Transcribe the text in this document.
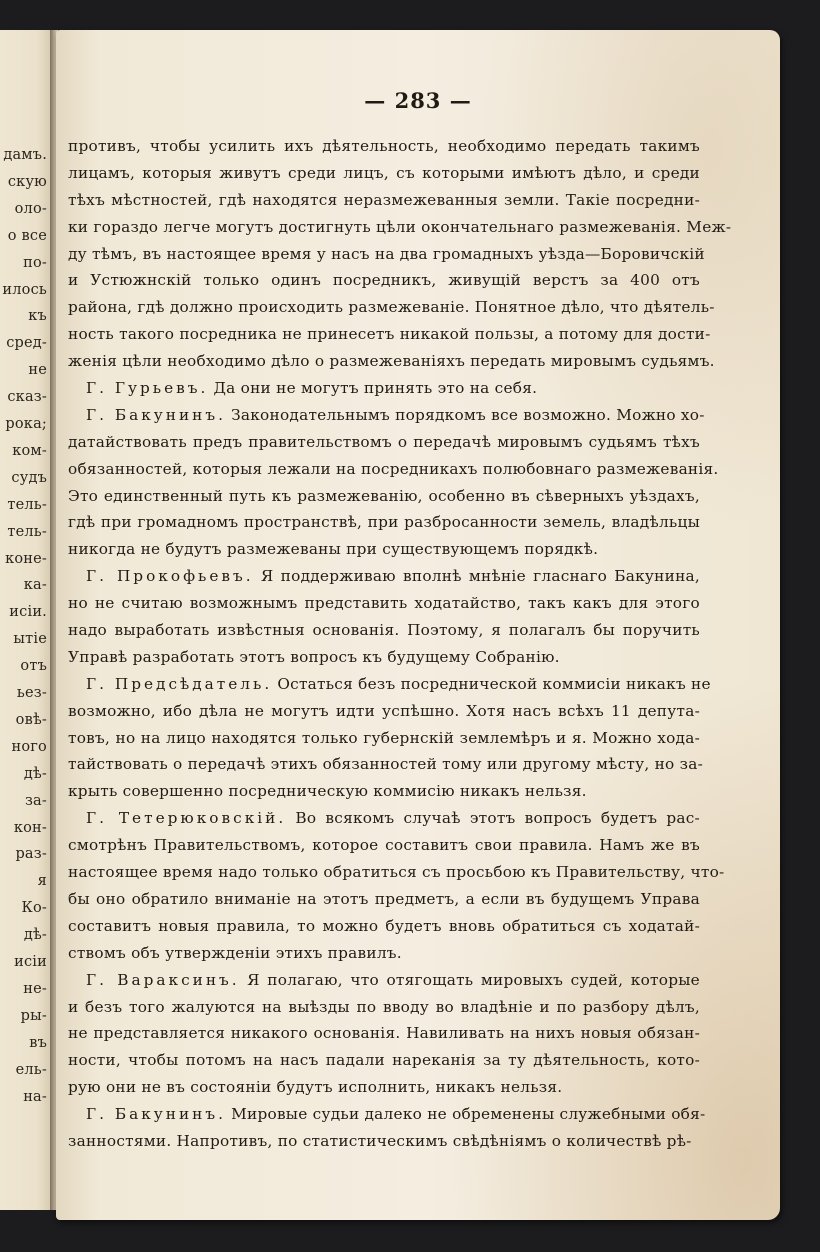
дамъ.
скую
оло-
о все
по-
илось
къ
сред-
не
сказ-
рока;
ком-
судъ
тель-
тель-
коне-
ка-
исіи.
ытіе
отъ
ьез-
овѣ-
ного
дѣ-
за-
кон-
раз-
я
Ко-
дѣ-
исіи
не-
ры-
въ
ель-
на-
— 283 —
противъ, чтобы усилить ихъ дѣятельность, необходимо передать такимъ
лицамъ, которыя живутъ среди лицъ, съ которыми имѣютъ дѣло, и среди
тѣхъ мѣстностей, гдѣ находятся неразмежеванныя земли. Такіе посредни-
ки гораздо легче могутъ достигнуть цѣли окончательнаго размежеванія. Меж-
ду тѣмъ, въ настоящее время у насъ на два громадныхъ уѣзда—Боровичскій
и Устюжнскій только одинъ посредникъ, живущій верстъ за 400 отъ
района, гдѣ должно происходить размежеваніе. Понятное дѣло, что дѣятель-
ность такого посредника не принесетъ никакой пользы, а потому для дости-
женія цѣли необходимо дѣло о размежеваніяхъ передать мировымъ судьямъ.
Г. Гурьевъ. Да они не могутъ принять это на себя.
Г. Бакунинъ. Законодательнымъ порядкомъ все возможно. Можно хо-
датайствовать предъ правительствомъ о передачѣ мировымъ судьямъ тѣхъ
обязанностей, которыя лежали на посредникахъ полюбовнаго размежеванія.
Это единственный путь къ размежеванію, особенно въ сѣверныхъ уѣздахъ,
гдѣ при громадномъ пространствѣ, при разбросанности земель, владѣльцы
никогда не будутъ размежеваны при существующемъ порядкѣ.
Г. Прокофьевъ. Я поддерживаю вполнѣ мнѣніе гласнаго Бакунина,
но не считаю возможнымъ представить ходатайство, такъ какъ для этого
надо выработать извѣстныя основанія. Поэтому, я полагалъ бы поручить
Управѣ разработать этотъ вопросъ къ будущему Собранію.
Г. Предсѣдатель. Остаться безъ посреднической коммисіи никакъ не
возможно, ибо дѣла не могутъ идти успѣшно. Хотя насъ всѣхъ 11 депута-
товъ, но на лицо находятся только губернскій землемѣръ и я. Можно хода-
тайствовать о передачѣ этихъ обязанностей тому или другому мѣсту, но за-
крыть совершенно посредническую коммисію никакъ нельзя.
Г. Тетерюковскій. Во всякомъ случаѣ этотъ вопросъ будетъ рас-
смотрѣнъ Правительствомъ, которое составитъ свои правила. Намъ же въ
настоящее время надо только обратиться съ просьбою къ Правительству, что-
бы оно обратило вниманіе на этотъ предметъ, а если въ будущемъ Управа
составитъ новыя правила, то можно будетъ вновь обратиться съ ходатай-
ствомъ объ утвержденіи этихъ правилъ.
Г. Вараксинъ. Я полагаю, что отягощать мировыхъ судей, которые
и безъ того жалуются на выѣзды по вводу во владѣніе и по разбору дѣлъ,
не представляется никакого основанія. Навиливать на нихъ новыя обязан-
ности, чтобы потомъ на насъ падали нареканія за ту дѣятельность, кото-
рую они не въ состояніи будутъ исполнить, никакъ нельзя.
Г. Бакунинъ. Мировые судьи далеко не обременены служебными обя-
занностями. Напротивъ, по статистическимъ свѣдѣніямъ о количествѣ рѣ-
